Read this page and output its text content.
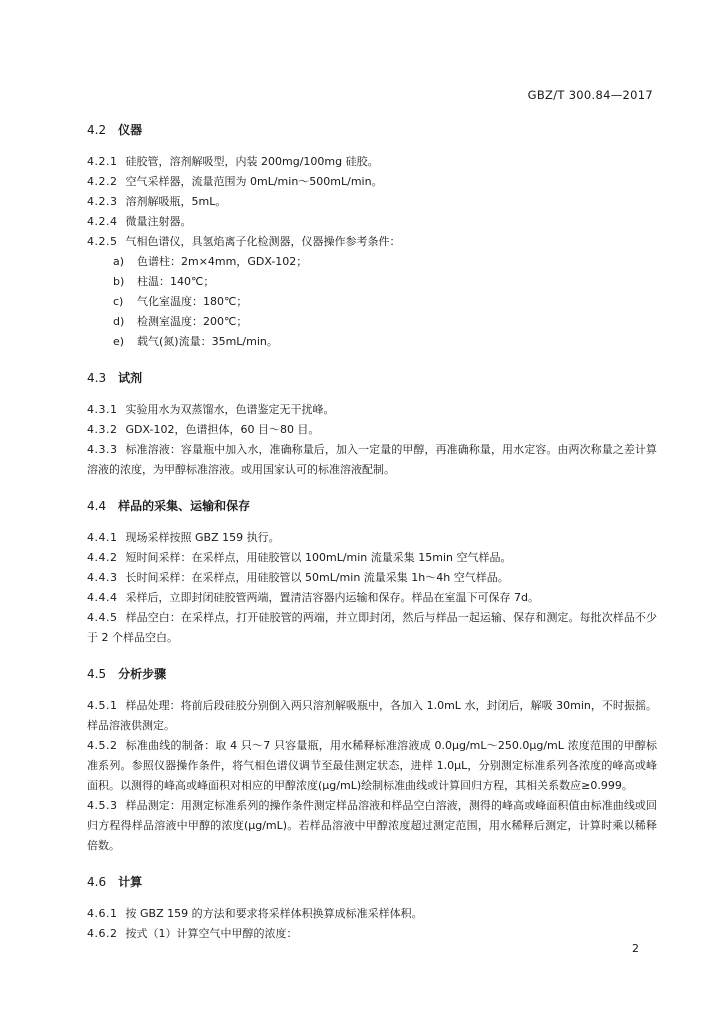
GBZ/T 300.84—2017
4.2 仪器

4.2.1 硅胶管，溶剂解吸型，内装 200mg/100mg 硅胶。

4.2.2 空气采样器，流量范围为 0mL/min～500mL/min。

4.2.3 溶剂解吸瓶，5mL。

4.2.4 微量注射器。

4.2.5 气相色谱仪，具氢焰离子化检测器，仪器操作参考条件：

a) 色谱柱：2m×4mm，GDX-102；
b) 柱温：140℃；
c) 气化室温度：180℃；
d) 检测室温度：200℃；
e) 载气(氮)流量：35mL/min。
4.3 试剂

4.3.1 实验用水为双蒸馏水，色谱鉴定无干扰峰。

4.3.2 GDX-102，色谱担体，60 目～80 目。

4.3.3 标准溶液：容量瓶中加入水，准确称量后，加入一定量的甲醇，再准确称量，用水定容。由两次称量之差计算溶液的浓度，为甲醇标准溶液。或用国家认可的标准溶液配制。

4.4 样品的采集、运输和保存

4.4.1 现场采样按照 GBZ 159 执行。

4.4.2 短时间采样：在采样点，用硅胶管以 100mL/min 流量采集 15min 空气样品。

4.4.3 长时间采样：在采样点，用硅胶管以 50mL/min 流量采集 1h～4h 空气样品。

4.4.4 采样后，立即封闭硅胶管两端，置清洁容器内运输和保存。样品在室温下可保存 7d。

4.4.5 样品空白：在采样点，打开硅胶管的两端，并立即封闭，然后与样品一起运输、保存和测定。每批次样品不少于 2 个样品空白。

4.5 分析步骤

4.5.1 样品处理：将前后段硅胶分别倒入两只溶剂解吸瓶中，各加入 1.0mL 水，封闭后，解吸 30min，不时振摇。样品溶液供测定。

4.5.2 标准曲线的制备：取 4 只～7 只容量瓶，用水稀释标准溶液成 0.0μg/mL～250.0μg/mL 浓度范围的甲醇标准系列。参照仪器操作条件，将气相色谱仪调节至最佳测定状态，进样 1.0μL，分别测定标准系列各浓度的峰高或峰面积。以测得的峰高或峰面积对相应的甲醇浓度(μg/mL)绘制标准曲线或计算回归方程，其相关系数应≥0.999。

4.5.3 样品测定：用测定标准系列的操作条件测定样品溶液和样品空白溶液，测得的峰高或峰面积值由标准曲线或回归方程得样品溶液中甲醇的浓度(μg/mL)。若样品溶液中甲醇浓度超过测定范围，用水稀释后测定，计算时乘以稀释倍数。

4.6 计算

4.6.1 按 GBZ 159 的方法和要求将采样体积换算成标准采样体积。

4.6.2 按式（1）计算空气中甲醇的浓度：

2
